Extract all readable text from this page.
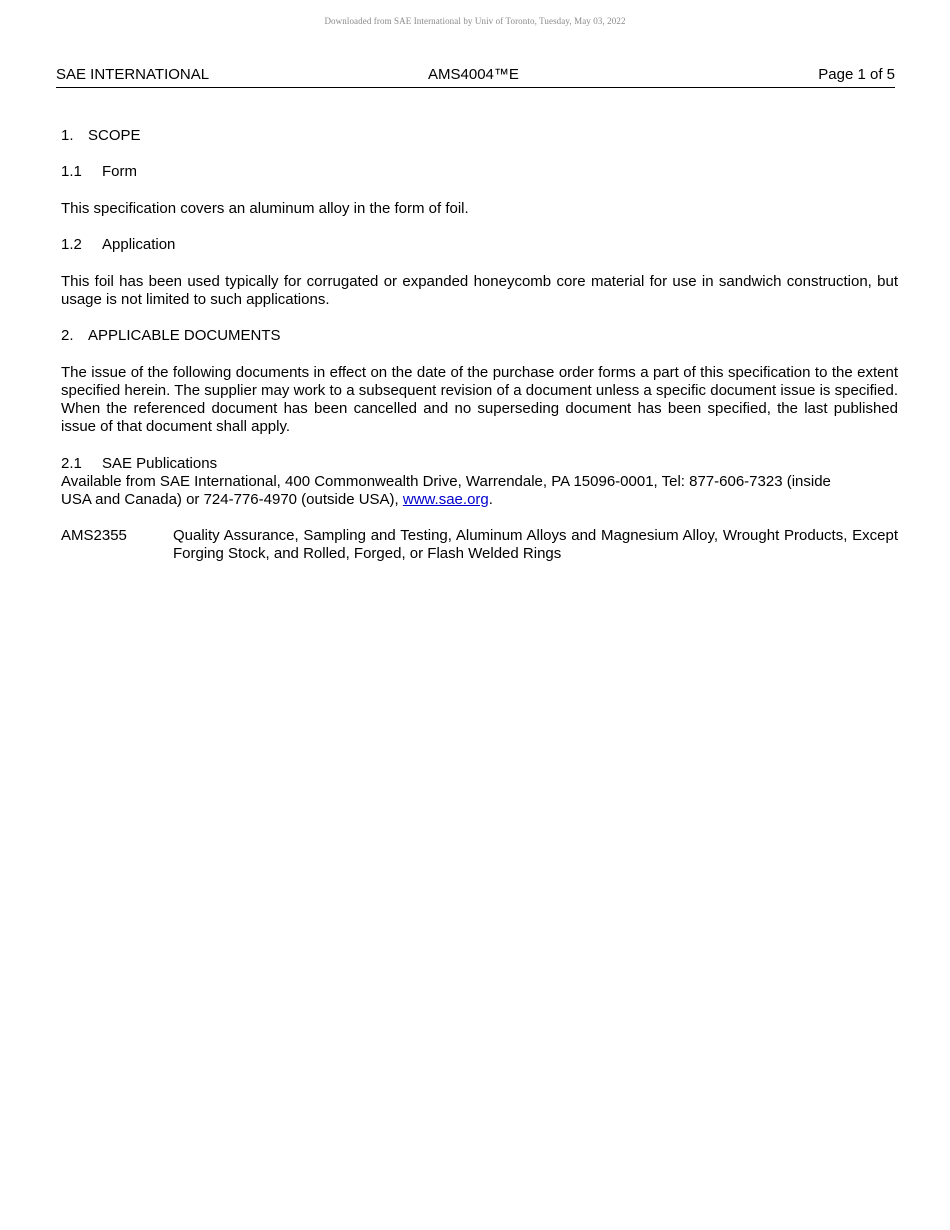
Downloaded from SAE International by Univ of Toronto, Tuesday, May 03, 2022
SAE INTERNATIONAL	AMS4004™E	Page 1 of 5

1. SCOPE

1.1 Form

This specification covers an aluminum alloy in the form of foil.

1.2 Application

This foil has been used typically for corrugated or expanded honeycomb core material for use in sandwich construction, but usage is not limited to such applications.

2. APPLICABLE DOCUMENTS

The issue of the following documents in effect on the date of the purchase order forms a part of this specification to the extent specified herein. The supplier may work to a subsequent revision of a document unless a specific document issue is specified. When the referenced document has been cancelled and no superseding document has been specified, the last published issue of that document shall apply.

2.1 SAE Publications

Available from SAE International, 400 Commonwealth Drive, Warrendale, PA 15096-0001, Tel: 877-606-7323 (inside

USA and Canada) or 724-776-4970 (outside USA), www.sae.org.

AMS2355	Quality Assurance, Sampling and Testing, Aluminum Alloys and Magnesium Alloy, Wrought Products, Except Forging Stock, and Rolled, Forged, or Flash Welded Rings
